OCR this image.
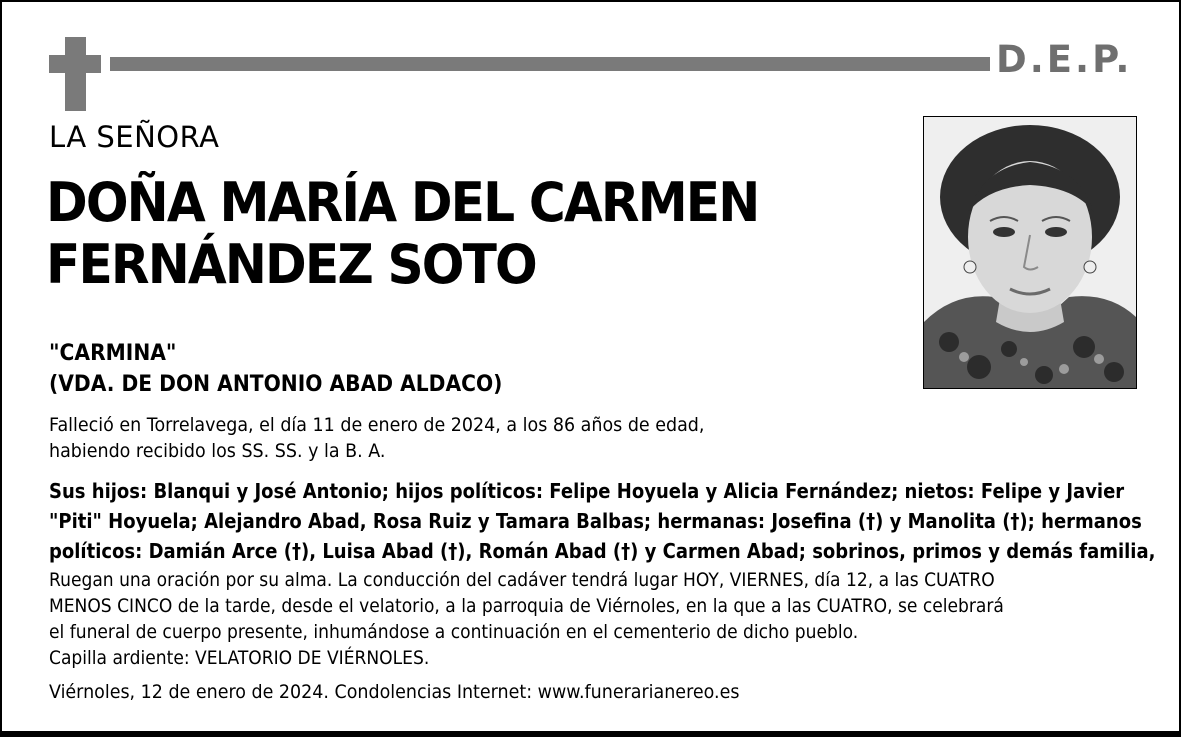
D.E.P.
LA SEÑORA
DOÑA MARÍA DEL CARMEN
FERNÁNDEZ SOTO
"CARMINA"
(VDA. DE DON ANTONIO ABAD ALDACO)
Falleció en Torrelavega, el día 11 de enero de 2024, a los 86 años de edad,
habiendo recibido los SS. SS. y la B. A.
Sus hijos: Blanqui y José Antonio; hijos políticos: Felipe Hoyuela y Alicia Fernández; nietos: Felipe y Javier
"Piti" Hoyuela; Alejandro Abad, Rosa Ruiz y Tamara Balbas; hermanas: Josefina (†) y Manolita (†); hermanos
políticos: Damián Arce (†), Luisa Abad (†), Román Abad (†) y Carmen Abad; sobrinos, primos y demás familia,
Ruegan una oración por su alma. La conducción del cadáver tendrá lugar HOY, VIERNES, día 12, a las CUATRO
MENOS CINCO de la tarde, desde el velatorio, a la parroquia de Viérnoles, en la que a las CUATRO, se celebrará
el funeral de cuerpo presente, inhumándose a continuación en el cementerio de dicho pueblo.
Capilla ardiente: VELATORIO DE VIÉRNOLES.
Viérnoles, 12 de enero de 2024. Condolencias Internet: www.funerarianereo.es
